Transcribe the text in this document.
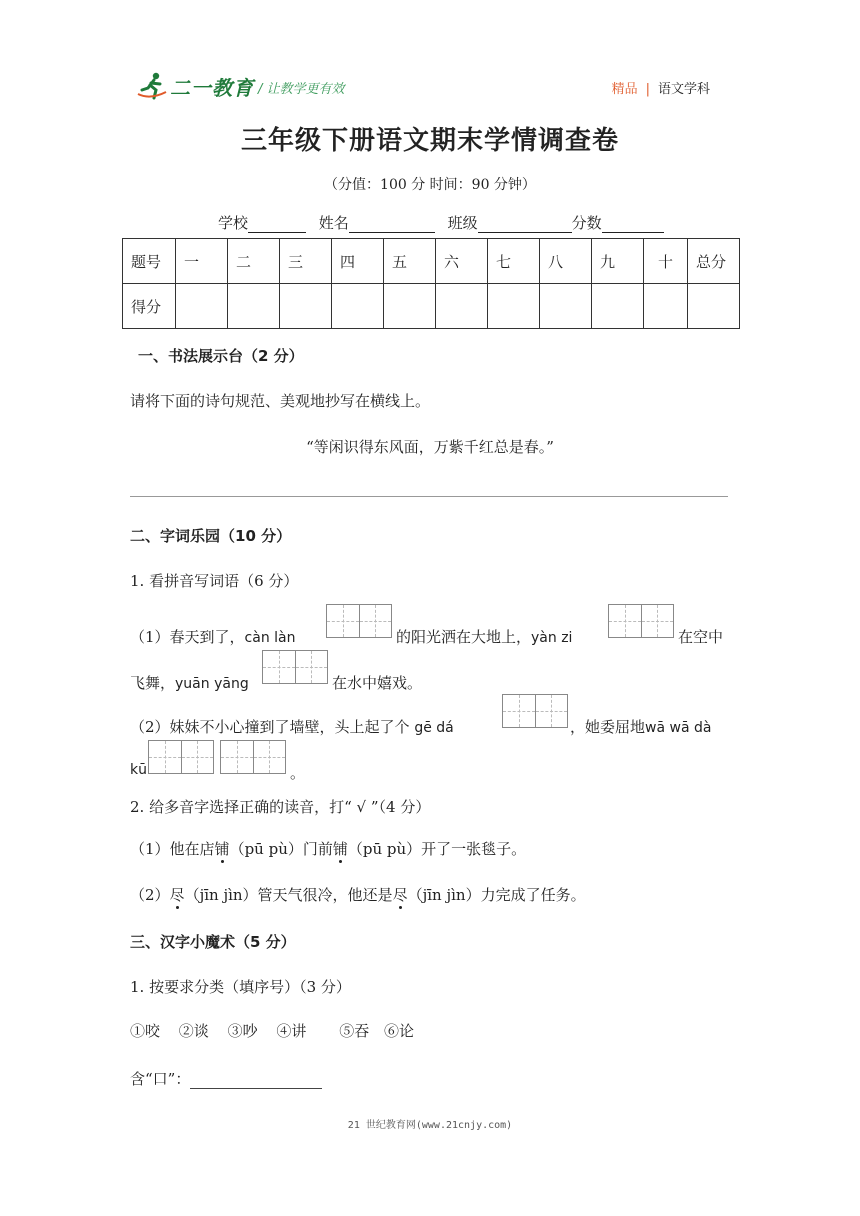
二一教育 / 让教学更有效	精品 | 语文学科
三年级下册语文期末学情调查卷
（分值：100 分 时间：90 分钟）
学校	姓名	班级	分数
题号	一	二	三	四	五	六	七	八	九	十	总分
得分											
一、书法展示台（2 分）
请将下面的诗句规范、美观地抄写在横线上。
“等闲识得东风面，万紫千红总是春。”
二、字词乐园（10 分）
1. 看拼音写词语（6 分）
（1）春天到了，càn làn	的阳光洒在大地上，yàn zi	在空中
飞舞，yuān yāng	在水中嬉戏。
（2）妹妹不小心撞到了墙壁，头上起了个 gē dá	，她委屈地wā wā dà
kū	。
2. 给多音字选择正确的读音，打“ √ ”（4 分）
（1）他在店铺（pū pù）门前铺（pū pù）开了一张毯子。
（2）尽（jīn jìn）管天气很冷，他还是尽（jīn jìn）力完成了任务。
三、汉字小魔术（5 分）
1. 按要求分类（填序号）（3 分）
①咬 ②谈 ③吵 ④讲 ⑤吞 ⑥论
含“口”：
21 世纪教育网(www.21cnjy.com)
